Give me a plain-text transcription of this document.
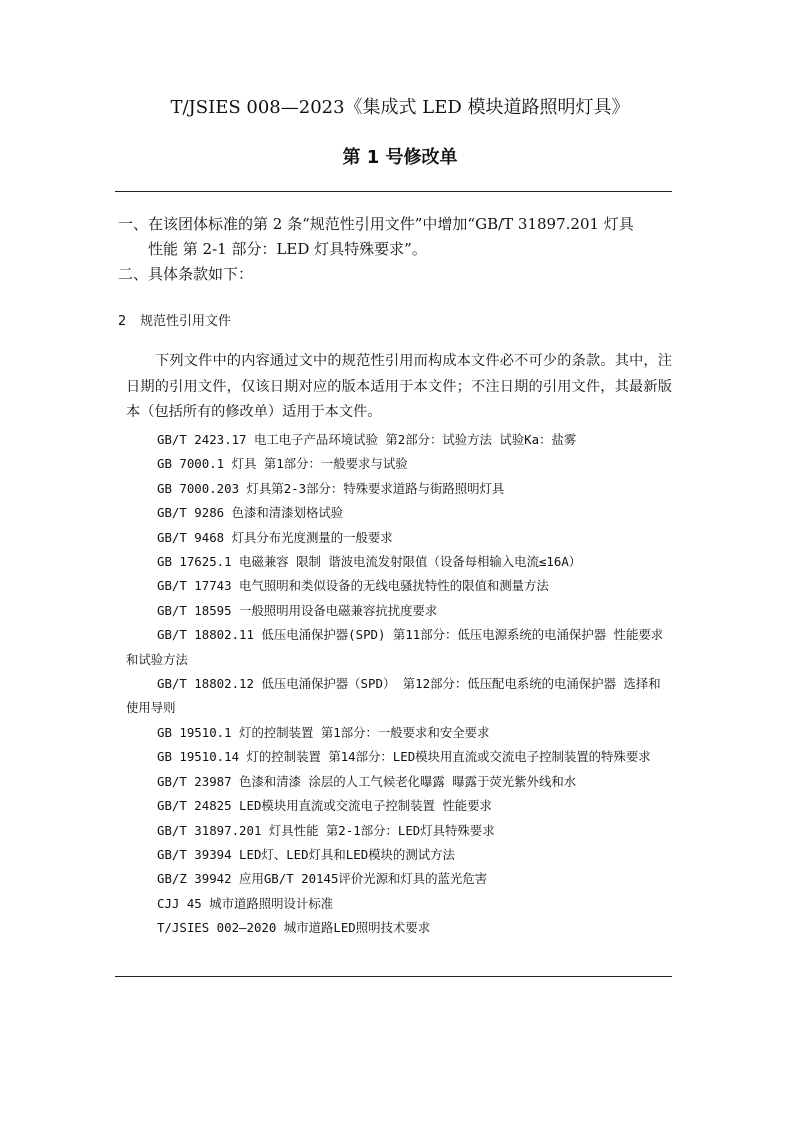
T/JSIES 008—2023《集成式 LED 模块道路照明灯具》
第 1 号修改单
一、在该团体标准的第 2 条“规范性引用文件”中增加“GB/T 31897.201 灯具
性能 第 2-1 部分：LED 灯具特殊要求”。
二、具体条款如下：
2 规范性引用文件
下列文件中的内容通过文中的规范性引用而构成本文件必不可少的条款。其中，注日期的引用文件，仅该日期对应的版本适用于本文件；不注日期的引用文件，其最新版本（包括所有的修改单）适用于本文件。
GB/T 2423.17 电工电子产品环境试验 第2部分：试验方法 试验Ka：盐雾
GB 7000.1 灯具 第1部分：一般要求与试验
GB 7000.203 灯具第2-3部分：特殊要求道路与街路照明灯具
GB/T 9286 色漆和清漆划格试验
GB/T 9468 灯具分布光度测量的一般要求
GB 17625.1 电磁兼容 限制 谐波电流发射限值（设备每相输入电流≤16A）
GB/T 17743 电气照明和类似设备的无线电骚扰特性的限值和测量方法
GB/T 18595 一般照明用设备电磁兼容抗扰度要求
GB/T 18802.11 低压电涌保护器(SPD) 第11部分：低压电源系统的电涌保护器 性能要求和试验方法
GB/T 18802.12 低压电涌保护器（SPD） 第12部分：低压配电系统的电涌保护器 选择和使用导则
GB 19510.1 灯的控制装置 第1部分：一般要求和安全要求
GB 19510.14 灯的控制装置 第14部分：LED模块用直流或交流电子控制装置的特殊要求
GB/T 23987 色漆和清漆 涂层的人工气候老化曝露 曝露于荧光紫外线和水
GB/T 24825 LED模块用直流或交流电子控制装置 性能要求
GB/T 31897.201 灯具性能 第2-1部分：LED灯具特殊要求
GB/T 39394 LED灯、LED灯具和LED模块的测试方法
GB/Z 39942 应用GB/T 20145评价光源和灯具的蓝光危害
CJJ 45 城市道路照明设计标准
T/JSIES 002—2020 城市道路LED照明技术要求
